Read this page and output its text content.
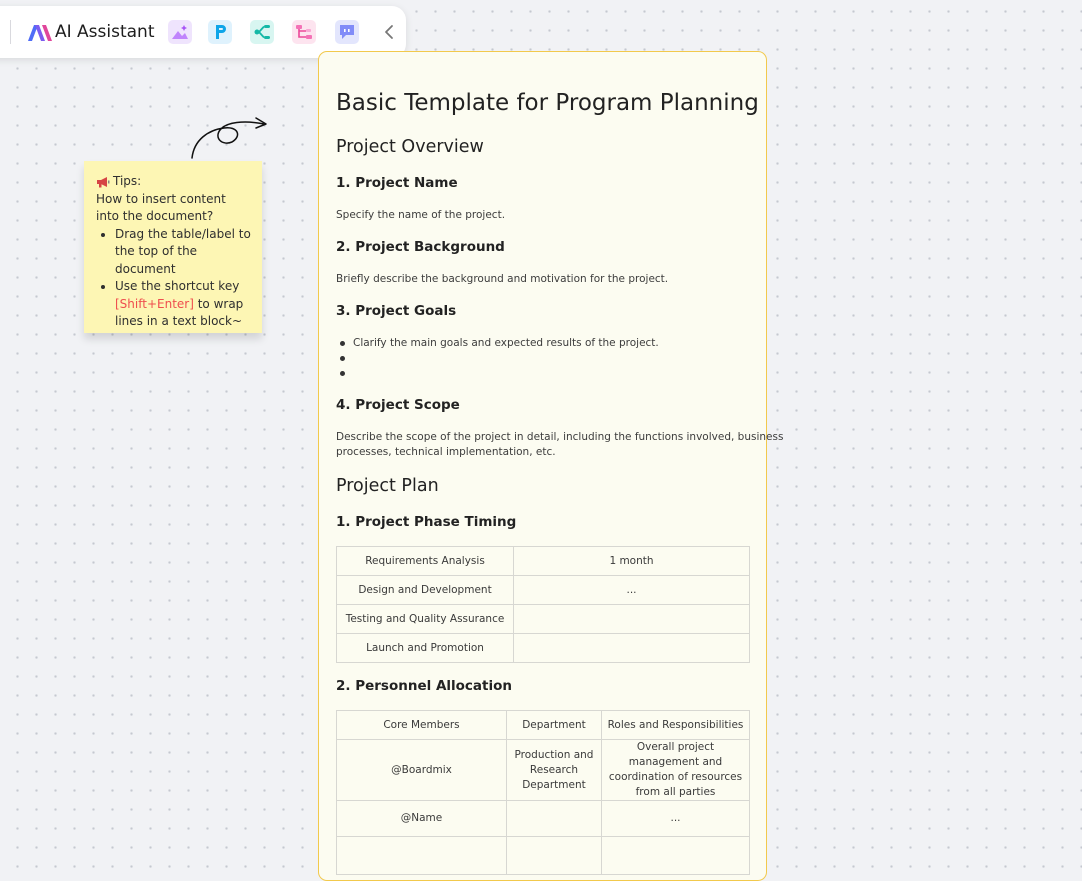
AI Assistant
Tips:
How to insert content into the document?
• Drag the table/label to the top of the document
• Use the shortcut key [Shift+Enter] to wrap lines in a text block~
Basic Template for Program Planning
Project Overview
1. Project Name
Specify the name of the project.
2. Project Background
Briefly describe the background and motivation for the project.
3. Project Goals
Clarify the main goals and expected results of the project.
4. Project Scope
Describe the scope of the project in detail, including the functions involved, business
processes, technical implementation, etc.
Project Plan
1. Project Phase Timing
Requirements Analysis	1 month
Design and Development	...
Testing and Quality Assurance	
Launch and Promotion	
2. Personnel Allocation
Core Members	Department	Roles and Responsibilities
@Boardmix	Production and Research Department	Overall project management and coordination of resources from all parties
@Name		...
